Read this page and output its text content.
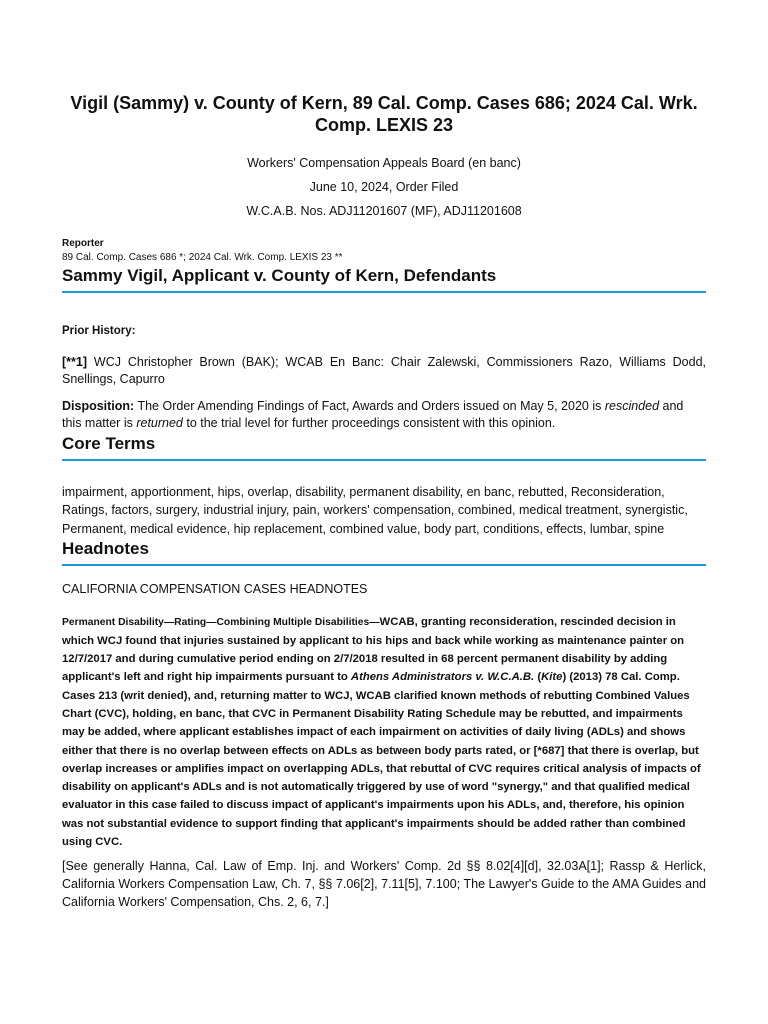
Vigil (Sammy) v. County of Kern, 89 Cal. Comp. Cases 686; 2024 Cal. Wrk. Comp. LEXIS 23

Workers' Compensation Appeals Board (en banc)

June 10, 2024, Order Filed

W.C.A.B. Nos. ADJ11201607 (MF), ADJ11201608

Reporter
89 Cal. Comp. Cases 686 *; 2024 Cal. Wrk. Comp. LEXIS 23 **
Sammy Vigil, Applicant v. County of Kern, Defendants

Prior History:

[**1] WCJ Christopher Brown (BAK); WCAB En Banc: Chair Zalewski, Commissioners Razo, Williams Dodd, Snellings, Capurro

Disposition: The Order Amending Findings of Fact, Awards and Orders issued on May 5, 2020 is rescinded and this matter is returned to the trial level for further proceedings consistent with this opinion.

Core Terms

impairment, apportionment, hips, overlap, disability, permanent disability, en banc, rebutted, Reconsideration, Ratings, factors, surgery, industrial injury, pain, workers' compensation, combined, medical treatment, synergistic, Permanent, medical evidence, hip replacement, combined value, body part, conditions, effects, lumbar, spine

Headnotes

CALIFORNIA COMPENSATION CASES HEADNOTES

Permanent Disability—Rating—Combining Multiple Disabilities—WCAB, granting reconsideration, rescinded decision in which WCJ found that injuries sustained by applicant to his hips and back while working as maintenance painter on 12/7/2017 and during cumulative period ending on 2/7/2018 resulted in 68 percent permanent disability by adding applicant's left and right hip impairments pursuant to Athens Administrators v. W.C.A.B. (Kite) (2013) 78 Cal. Comp. Cases 213 (writ denied), and, returning matter to WCJ, WCAB clarified known methods of rebutting Combined Values Chart (CVC), holding, en banc, that CVC in Permanent Disability Rating Schedule may be rebutted, and impairments may be added, where applicant establishes impact of each impairment on activities of daily living (ADLs) and shows either that there is no overlap between effects on ADLs as between body parts rated, or [*687] that there is overlap, but overlap increases or amplifies impact on overlapping ADLs, that rebuttal of CVC requires critical analysis of impacts of disability on applicant's ADLs and is not automatically triggered by use of word "synergy," and that qualified medical evaluator in this case failed to discuss impact of applicant's impairments upon his ADLs, and, therefore, his opinion was not substantial evidence to support finding that applicant's impairments should be added rather than combined using CVC.

[See generally Hanna, Cal. Law of Emp. Inj. and Workers' Comp. 2d §§ 8.02[4][d], 32.03A[1]; Rassp & Herlick, California Workers Compensation Law, Ch. 7, §§ 7.06[2], 7.11[5], 7.100; The Lawyer's Guide to the AMA Guides and California Workers' Compensation, Chs. 2, 6, 7.]
